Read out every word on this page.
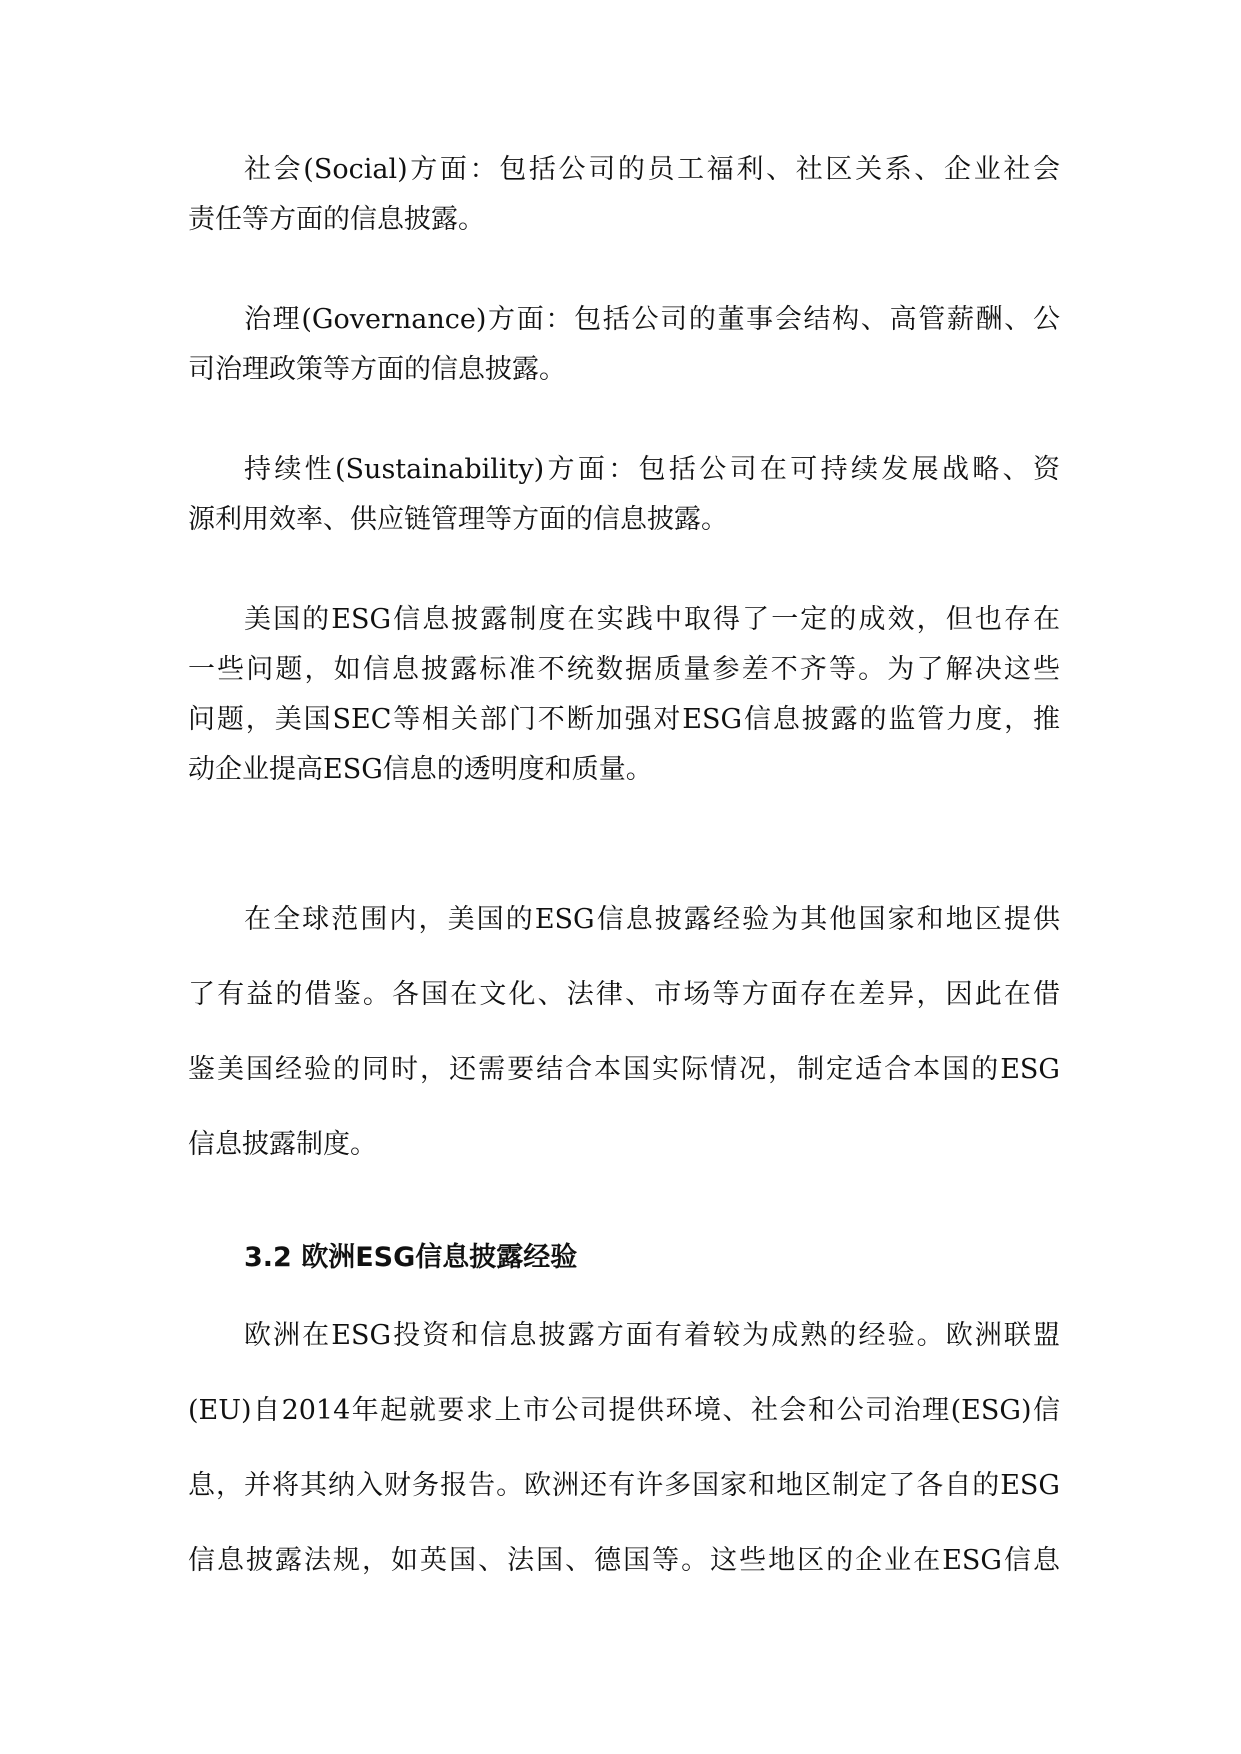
社会(Social)方面：包括公司的员工福利、社区关系、企业社会
责任等方面的信息披露。
治理(Governance)方面：包括公司的董事会结构、高管薪酬、公
司治理政策等方面的信息披露。
持续性(Sustainability)方面：包括公司在可持续发展战略、资
源利用效率、供应链管理等方面的信息披露。
美国的ESG信息披露制度在实践中取得了一定的成效，但也存在
一些问题，如信息披露标准不统数据质量参差不齐等。为了解决这些
问题，美国SEC等相关部门不断加强对ESG信息披露的监管力度，推
动企业提高ESG信息的透明度和质量。
在全球范围内，美国的ESG信息披露经验为其他国家和地区提供
了有益的借鉴。各国在文化、法律、市场等方面存在差异，因此在借
鉴美国经验的同时，还需要结合本国实际情况，制定适合本国的ESG
信息披露制度。
3.2 欧洲ESG信息披露经验
欧洲在ESG投资和信息披露方面有着较为成熟的经验。欧洲联盟
(EU)自2014年起就要求上市公司提供环境、社会和公司治理(ESG)信
息，并将其纳入财务报告。欧洲还有许多国家和地区制定了各自的ESG
信息披露法规，如英国、法国、德国等。这些地区的企业在ESG信息
